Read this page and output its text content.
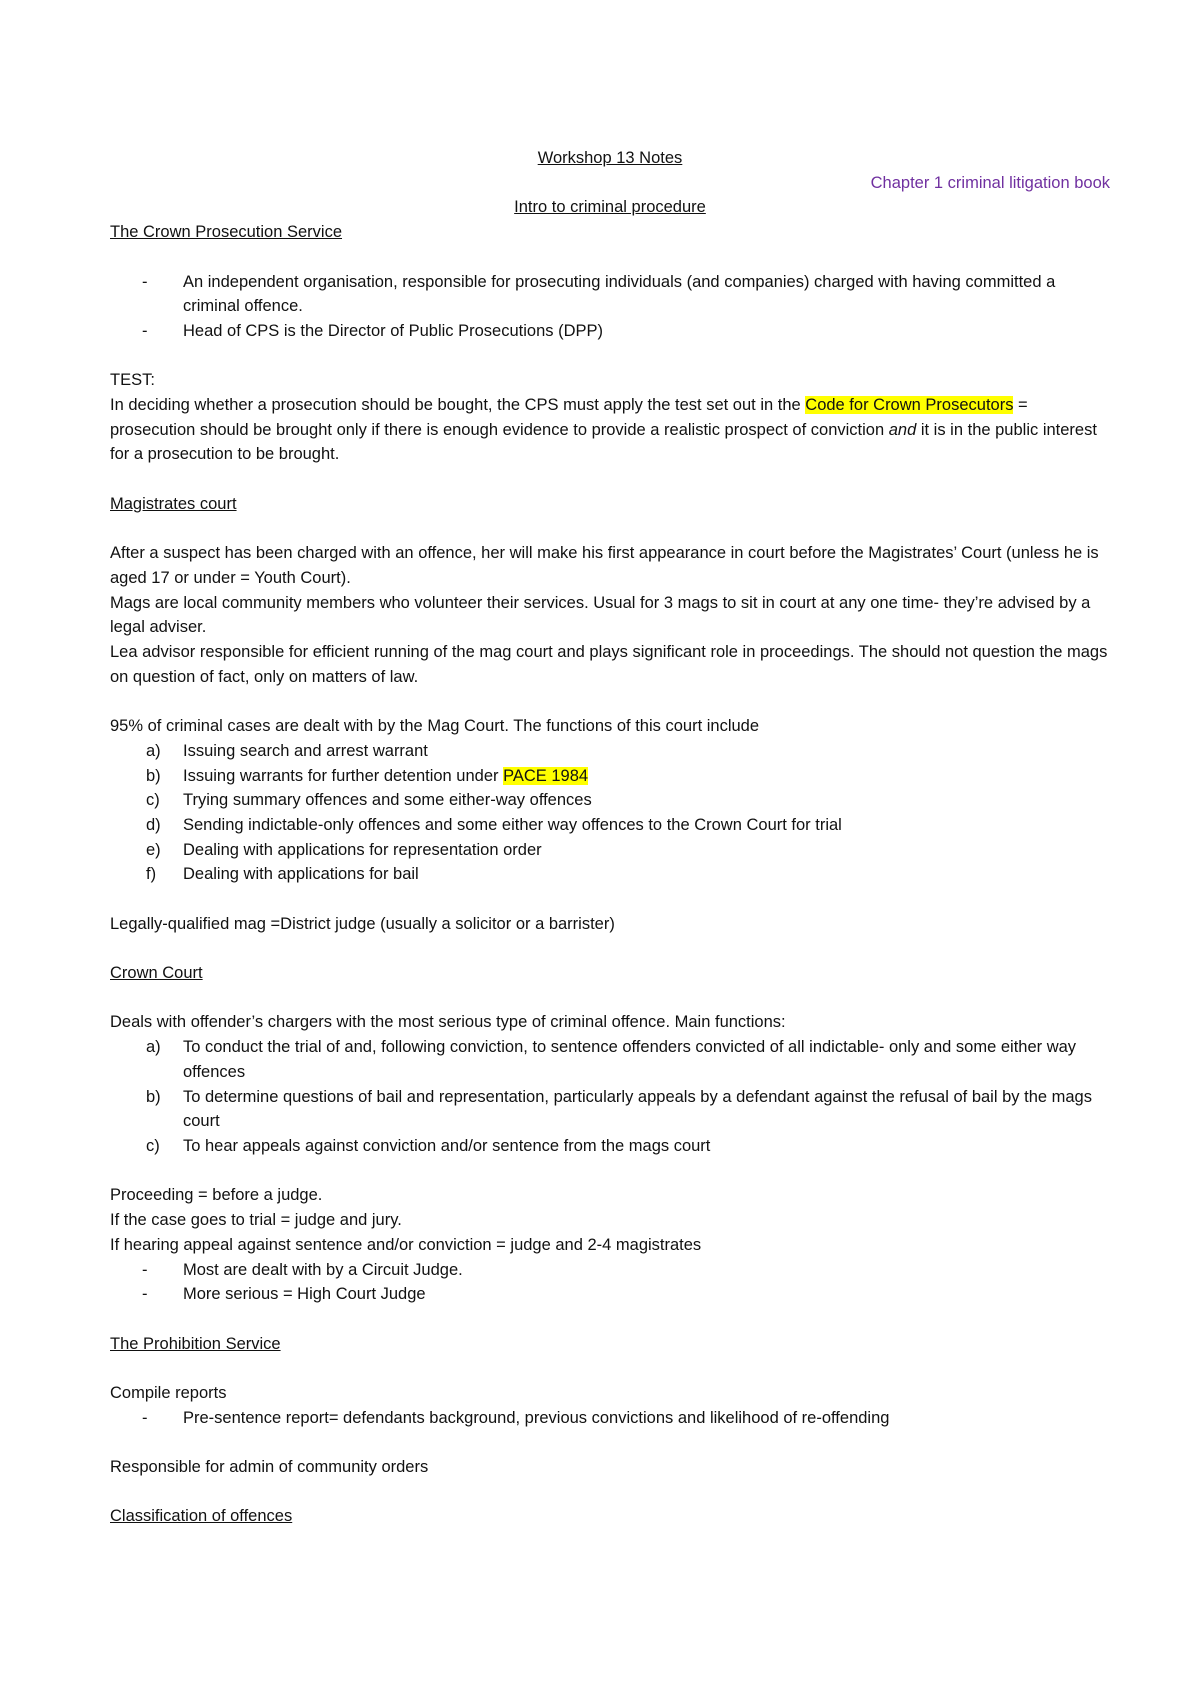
Workshop 13 Notes

Chapter 1 criminal litigation book

Intro to criminal procedure

The Crown Prosecution Service

- An independent organisation, responsible for prosecuting individuals (and companies) charged with having committed a criminal offence.
- Head of CPS is the Director of Public Prosecutions (DPP)

TEST:

In deciding whether a prosecution should be bought, the CPS must apply the test set out in the Code for Crown Prosecutors = prosecution should be brought only if there is enough evidence to provide a realistic prospect of conviction and it is in the public interest for a prosecution to be brought.

Magistrates court

After a suspect has been charged with an offence, her will make his first appearance in court before the Magistrates’ Court (unless he is aged 17 or under = Youth Court).

Mags are local community members who volunteer their services. Usual for 3 mags to sit in court at any one time- they’re advised by a legal adviser.

Lea advisor responsible for efficient running of the mag court and plays significant role in proceedings. The should not question the mags on question of fact, only on matters of law.

95% of criminal cases are dealt with by the Mag Court. The functions of this court include

a) Issuing search and arrest warrant
b) Issuing warrants for further detention under PACE 1984
c) Trying summary offences and some either-way offences
d) Sending indictable-only offences and some either way offences to the Crown Court for trial
e) Dealing with applications for representation order
f) Dealing with applications for bail

Legally-qualified mag =District judge (usually a solicitor or a barrister)

Crown Court

Deals with offender’s chargers with the most serious type of criminal offence. Main functions:

a) To conduct the trial of and, following conviction, to sentence offenders convicted of all indictable- only and some either way offences
b) To determine questions of bail and representation, particularly appeals by a defendant against the refusal of bail by the mags court
c) To hear appeals against conviction and/or sentence from the mags court

Proceeding = before a judge.

If the case goes to trial = judge and jury.

If hearing appeal against sentence and/or conviction = judge and 2-4 magistrates

- Most are dealt with by a Circuit Judge.
- More serious = High Court Judge

The Prohibition Service

Compile reports

- Pre-sentence report= defendants background, previous convictions and likelihood of re-offending

Responsible for admin of community orders

Classification of offences
